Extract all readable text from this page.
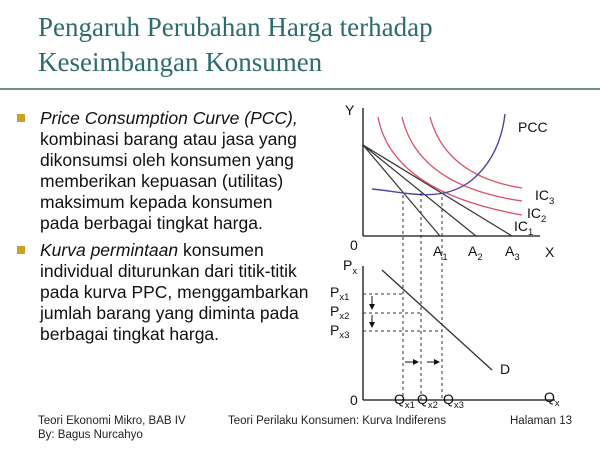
Pengaruh Perubahan Harga terhadap
Keseimbangan Konsumen
Price Consumption Curve (PCC), kombinasi barang atau jasa yang dikonsumsi oleh konsumen yang memberikan kepuasan (utilitas) maksimum kepada konsumen pada berbagai tingkat harga.
Kurva permintaan konsumen individual diturunkan dari titik-titik pada kurva PPC, menggambarkan jumlah barang yang diminta pada berbagai tingkat harga.
Y
X
0
PCC
$IC_3$
$IC_2$
$IC_1$
$A_1$ $A_2$ $A_3$
$P_x$
$Q_x$
0
D
$P_{x1}$
$P_{x2}$
$P_{x3}$
$Q_{x1}$ $Q_{x2}$ $Q_{x3}$
Teori Ekonomi Mikro, BAB IV
By: Bagus Nurcahyo
Teori Perilaku Konsumen: Kurva Indiferens	Halaman 13
